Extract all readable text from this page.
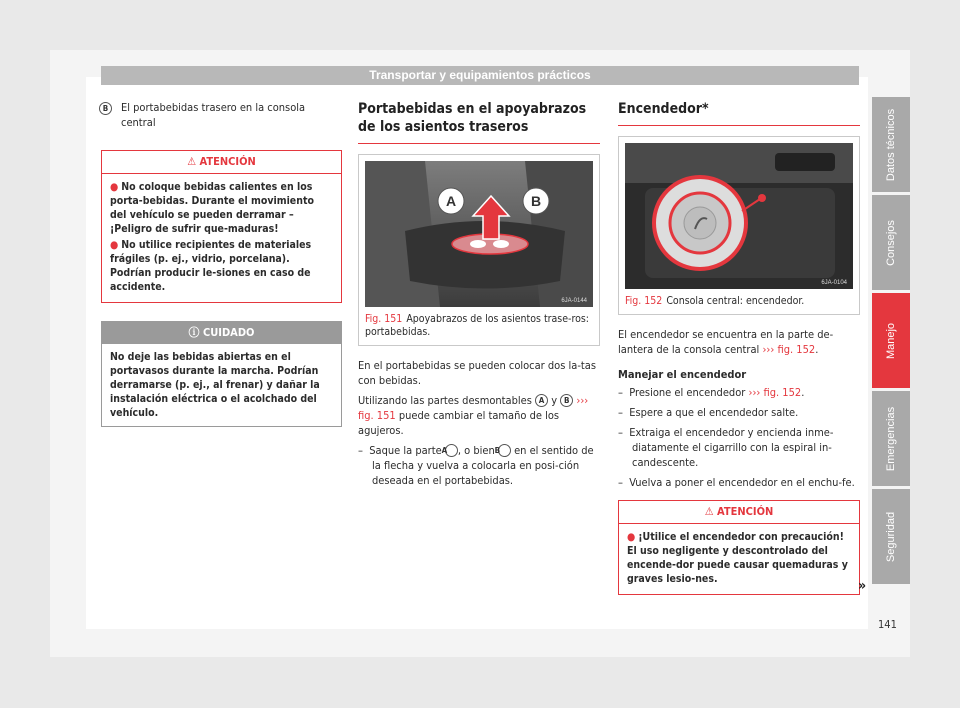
Transportar y equipamientos prácticos
B	El portabebidas trasero en la consola central
⚠ ATENCIÓN

● No coloque bebidas calientes en los porta-bebidas. Durante el movimiento del vehículo se pueden derramar – ¡Peligro de sufrir que-maduras!

● No utilice recipientes de materiales frágiles (p. ej., vidrio, porcelana). Podrían producir le-siones en caso de accidente.

ⓘ CUIDADO
No deje las bebidas abiertas en el portavasos durante la marcha. Podrían derramarse (p. ej., al frenar) y dañar la instalación eléctrica o el acolchado del vehículo.
Portabebidas en el apoyabrazos de los asientos traseros
A	B
6JA-0144
Fig. 151 Apoyabrazos de los asientos trase-ros: portabebidas.

En el portabebidas se pueden colocar dos la-tas con bebidas.

Utilizando las partes desmontables A y B ››› fig. 151 puede cambiar el tamaño de los agujeros.

–  Saque la parte A , o bien B en el sentido de la flecha y vuelva a colocarla en posi-ción deseada en el portabebidas.

Encendedor*
6JA-0104
Fig. 152 Consola central: encendedor.

El encendedor se encuentra en la parte de-lantera de la consola central ››› fig. 152.

Manejar el encendedor

–  Presione el encendedor ››› fig. 152.

–  Espere a que el encendedor salte.

–  Extraiga el encendedor y encienda inme-diatamente el cigarrillo con la espiral in-candescente.

–  Vuelva a poner el encendedor en el enchu-fe.

⚠ ATENCIÓN

● ¡Utilice el encendedor con precaución! El uso negligente y descontrolado del encende-dor puede causar quemaduras y graves lesio-nes.	»
Datos técnicos
Consejos
Manejo
Emergencias
Seguridad
141
